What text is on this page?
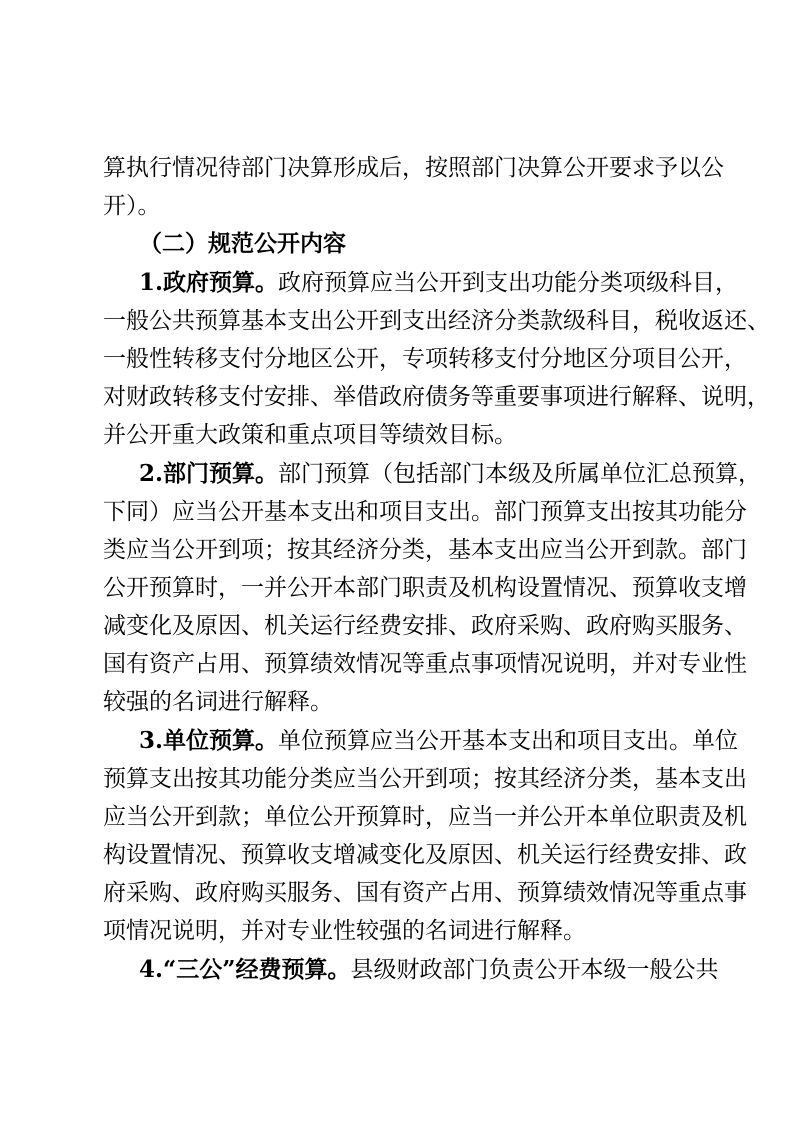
算执行情况待部门决算形成后，按照部门决算公开要求予以公
开）。
（二）规范公开内容
1.政府预算。政府预算应当公开到支出功能分类项级科目，
一般公共预算基本支出公开到支出经济分类款级科目，税收返还、
一般性转移支付分地区公开，专项转移支付分地区分项目公开，
对财政转移支付安排、举借政府债务等重要事项进行解释、说明，
并公开重大政策和重点项目等绩效目标。
2.部门预算。部门预算（包括部门本级及所属单位汇总预算，
下同）应当公开基本支出和项目支出。部门预算支出按其功能分
类应当公开到项；按其经济分类，基本支出应当公开到款。部门
公开预算时，一并公开本部门职责及机构设置情况、预算收支增
减变化及原因、机关运行经费安排、政府采购、政府购买服务、
国有资产占用、预算绩效情况等重点事项情况说明，并对专业性
较强的名词进行解释。
3.单位预算。单位预算应当公开基本支出和项目支出。单位
预算支出按其功能分类应当公开到项；按其经济分类，基本支出
应当公开到款；单位公开预算时，应当一并公开本单位职责及机
构设置情况、预算收支增减变化及原因、机关运行经费安排、政
府采购、政府购买服务、国有资产占用、预算绩效情况等重点事
项情况说明，并对专业性较强的名词进行解释。
4.“三公”经费预算。县级财政部门负责公开本级一般公共
